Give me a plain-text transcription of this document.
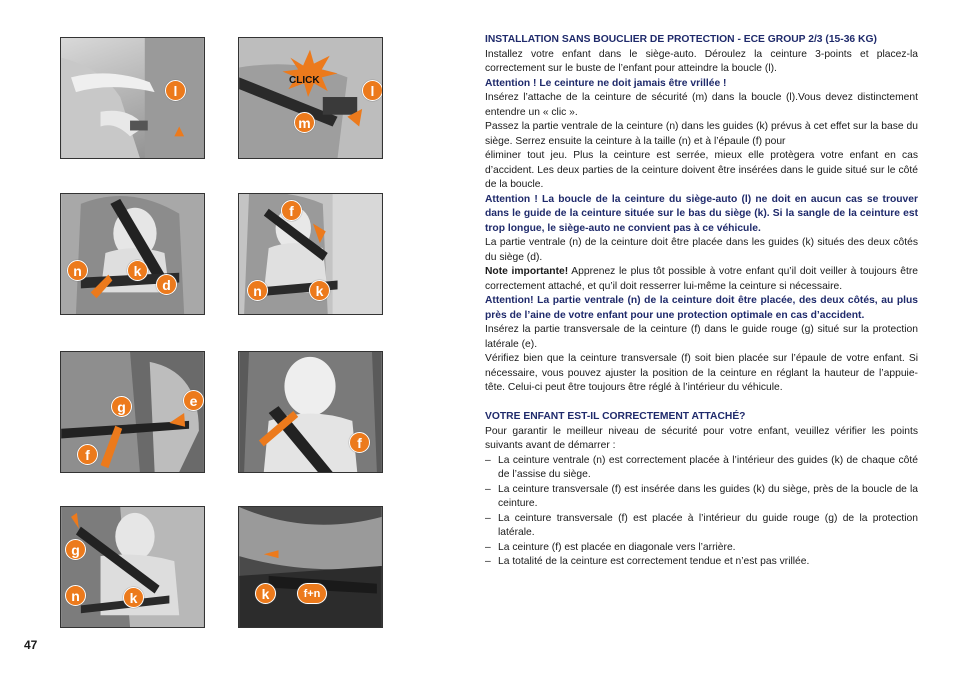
l
CLICK
l
m
n	k
d
f
n	k
g	e
f
f
g
n	k	k	f+n
47

INSTALLATION SANS BOUCLIER DE PROTECTION - ECE GROUP 2/3 (15-36 KG)

Installez votre enfant dans le siège-auto. Déroulez la ceinture 3-points et placez-la correctement sur le buste de l’enfant pour atteindre la boucle (l).

Attention ! Le ceinture ne doit jamais être vrillée !

Insérez l’attache de la ceinture de sécurité (m) dans la boucle (l).Vous devez distinctement entendre un « clic ».

Passez la partie ventrale de la ceinture (n) dans les guides (k) prévus à cet effet sur la base du siège. Serrez ensuite la ceinture à la taille (n) et à l’épaule (f) pour

éliminer tout jeu. Plus la ceinture est serrée, mieux elle protègera votre enfant en cas d’accident. Les deux parties de la ceinture doivent être insérées dans le guide situé sur le côté de la boucle.

Attention ! La boucle de la ceinture du siège-auto (l) ne doit en aucun cas se trouver dans le guide de la ceinture située sur le bas du siège (k). Si la sangle de la ceinture est trop longue, le siège-auto ne convient pas à ce véhicule.

La partie ventrale (n) de la ceinture doit être placée dans les guides (k) situés des deux côtés du siège (d).

Note importante! Apprenez le plus tôt possible à votre enfant qu’il doit veiller à toujours être correctement attaché, et qu’il doit resserrer lui-même la ceinture si nécessaire.

Attention! La partie ventrale (n) de la ceinture doit être placée, des deux côtés, au plus près de l’aine de votre enfant pour une protection optimale en cas d’accident.

Insérez la partie transversale de la ceinture (f) dans le guide rouge (g) situé sur la protection latérale (e).

Vérifiez bien que la ceinture transversale (f) soit bien placée sur l’épaule de votre enfant. Si nécessaire, vous pouvez ajuster la position de la ceinture en réglant la hauteur de l’appuie-tête. Celui-ci peut être toujours être réglé à l’intérieur du véhicule.

VOTRE ENFANT EST-IL CORRECTEMENT ATTACHÉ?

Pour garantir le meilleur niveau de sécurité pour votre enfant, veuillez vérifier les points suivants avant de démarrer :

– La ceinture ventrale (n) est correctement placée à l’intérieur des guides (k) de chaque côté de l’assise du siège.
– La ceinture transversale (f) est insérée dans les guides (k) du siège, près de la boucle de la ceinture.
– La ceinture transversale (f) est placée à l’intérieur du guide rouge (g) de la protection latérale.
– La ceinture (f) est placée en diagonale vers l’arrière.
– La totalité de la ceinture est correctement tendue et n’est pas vrillée.
